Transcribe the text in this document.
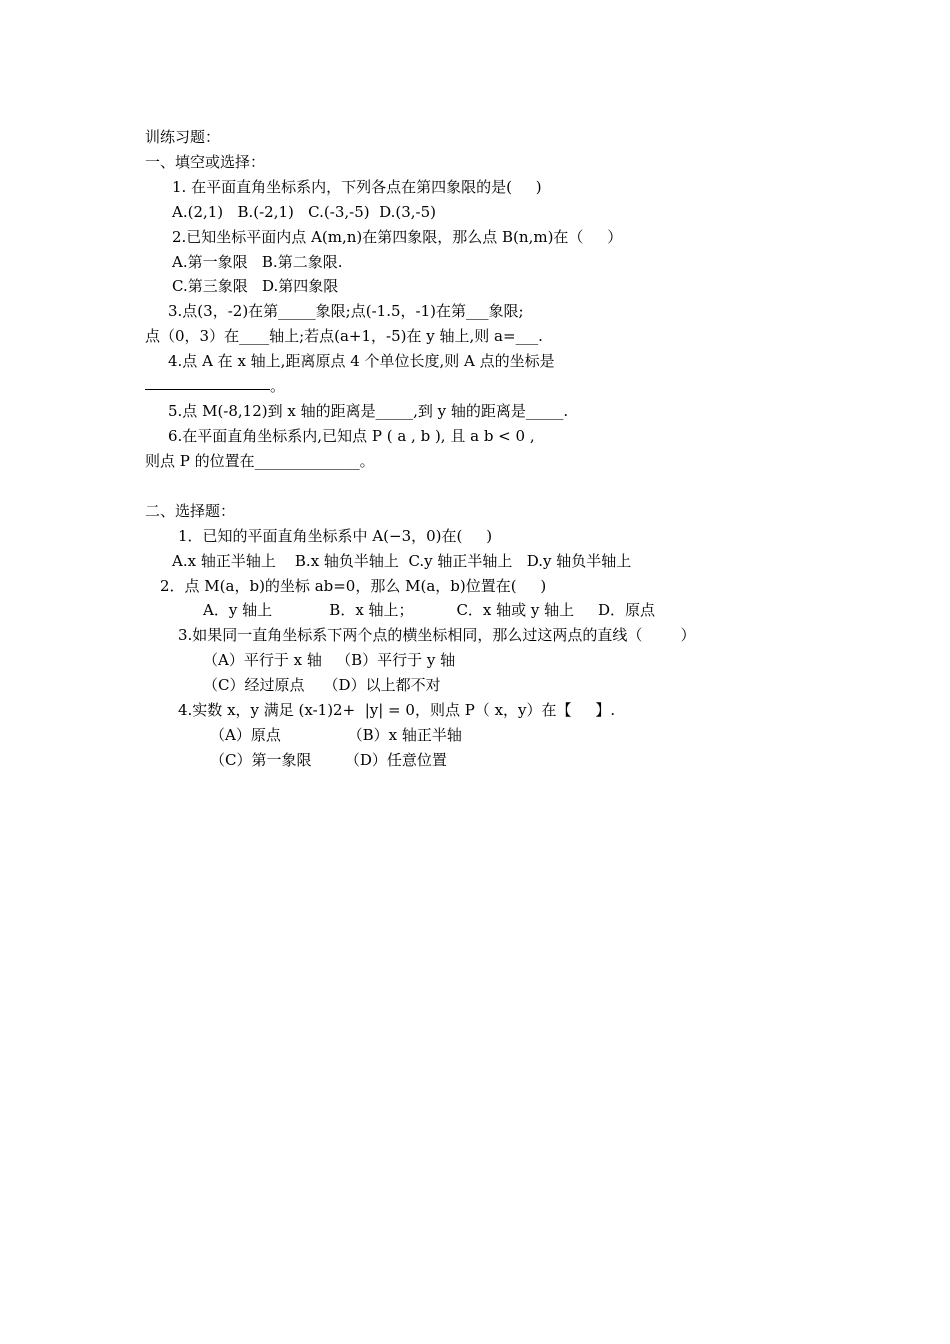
训练习题：
一、填空或选择：
1. 在平面直角坐标系内，下列各点在第四象限的是(     )
A.(2,1)   B.(-2,1)   C.(-3,-5)  D.(3,-5)
2.已知坐标平面内点 A(m,n)在第四象限，那么点 B(n,m)在（     ）
A.第一象限   B.第二象限.
C.第三象限   D.第四象限
3.点(3，-2)在第_____象限;点(-1.5，-1)在第___象限;
点（0，3）在____轴上;若点(a+1，-5)在 y 轴上,则 a=___.
4.点 A 在 x 轴上,距离原点 4 个单位长度,则 A 点的坐标是
。
5.点 M(-8,12)到 x 轴的距离是_____,到 y 轴的距离是_____.
6.在平面直角坐标系内,已知点 P ( a , b ), 且 a b < 0 ,
则点 P 的位置在______________。
二、选择题：
1．已知的平面直角坐标系中 A(−3，0)在(     )
A.x 轴正半轴上    B.x 轴负半轴上  C.y 轴正半轴上   D.y 轴负半轴上
2．点 M(a，b)的坐标 ab=0，那么 M(a，b)位置在(     )
A．y 轴上            B．x 轴上；         C．x 轴或 y 轴上     D．原点
3.如果同一直角坐标系下两个点的横坐标相同，那么过这两点的直线（        ）
（A）平行于 x 轴   （B）平行于 y 轴
（C）经过原点    （D）以上都不对
4.实数 x，y 满足 (x-1)2+  |y| = 0，则点 P（ x，y）在【     】.
（A）原点              （B）x 轴正半轴
（C）第一象限       （D）任意位置
